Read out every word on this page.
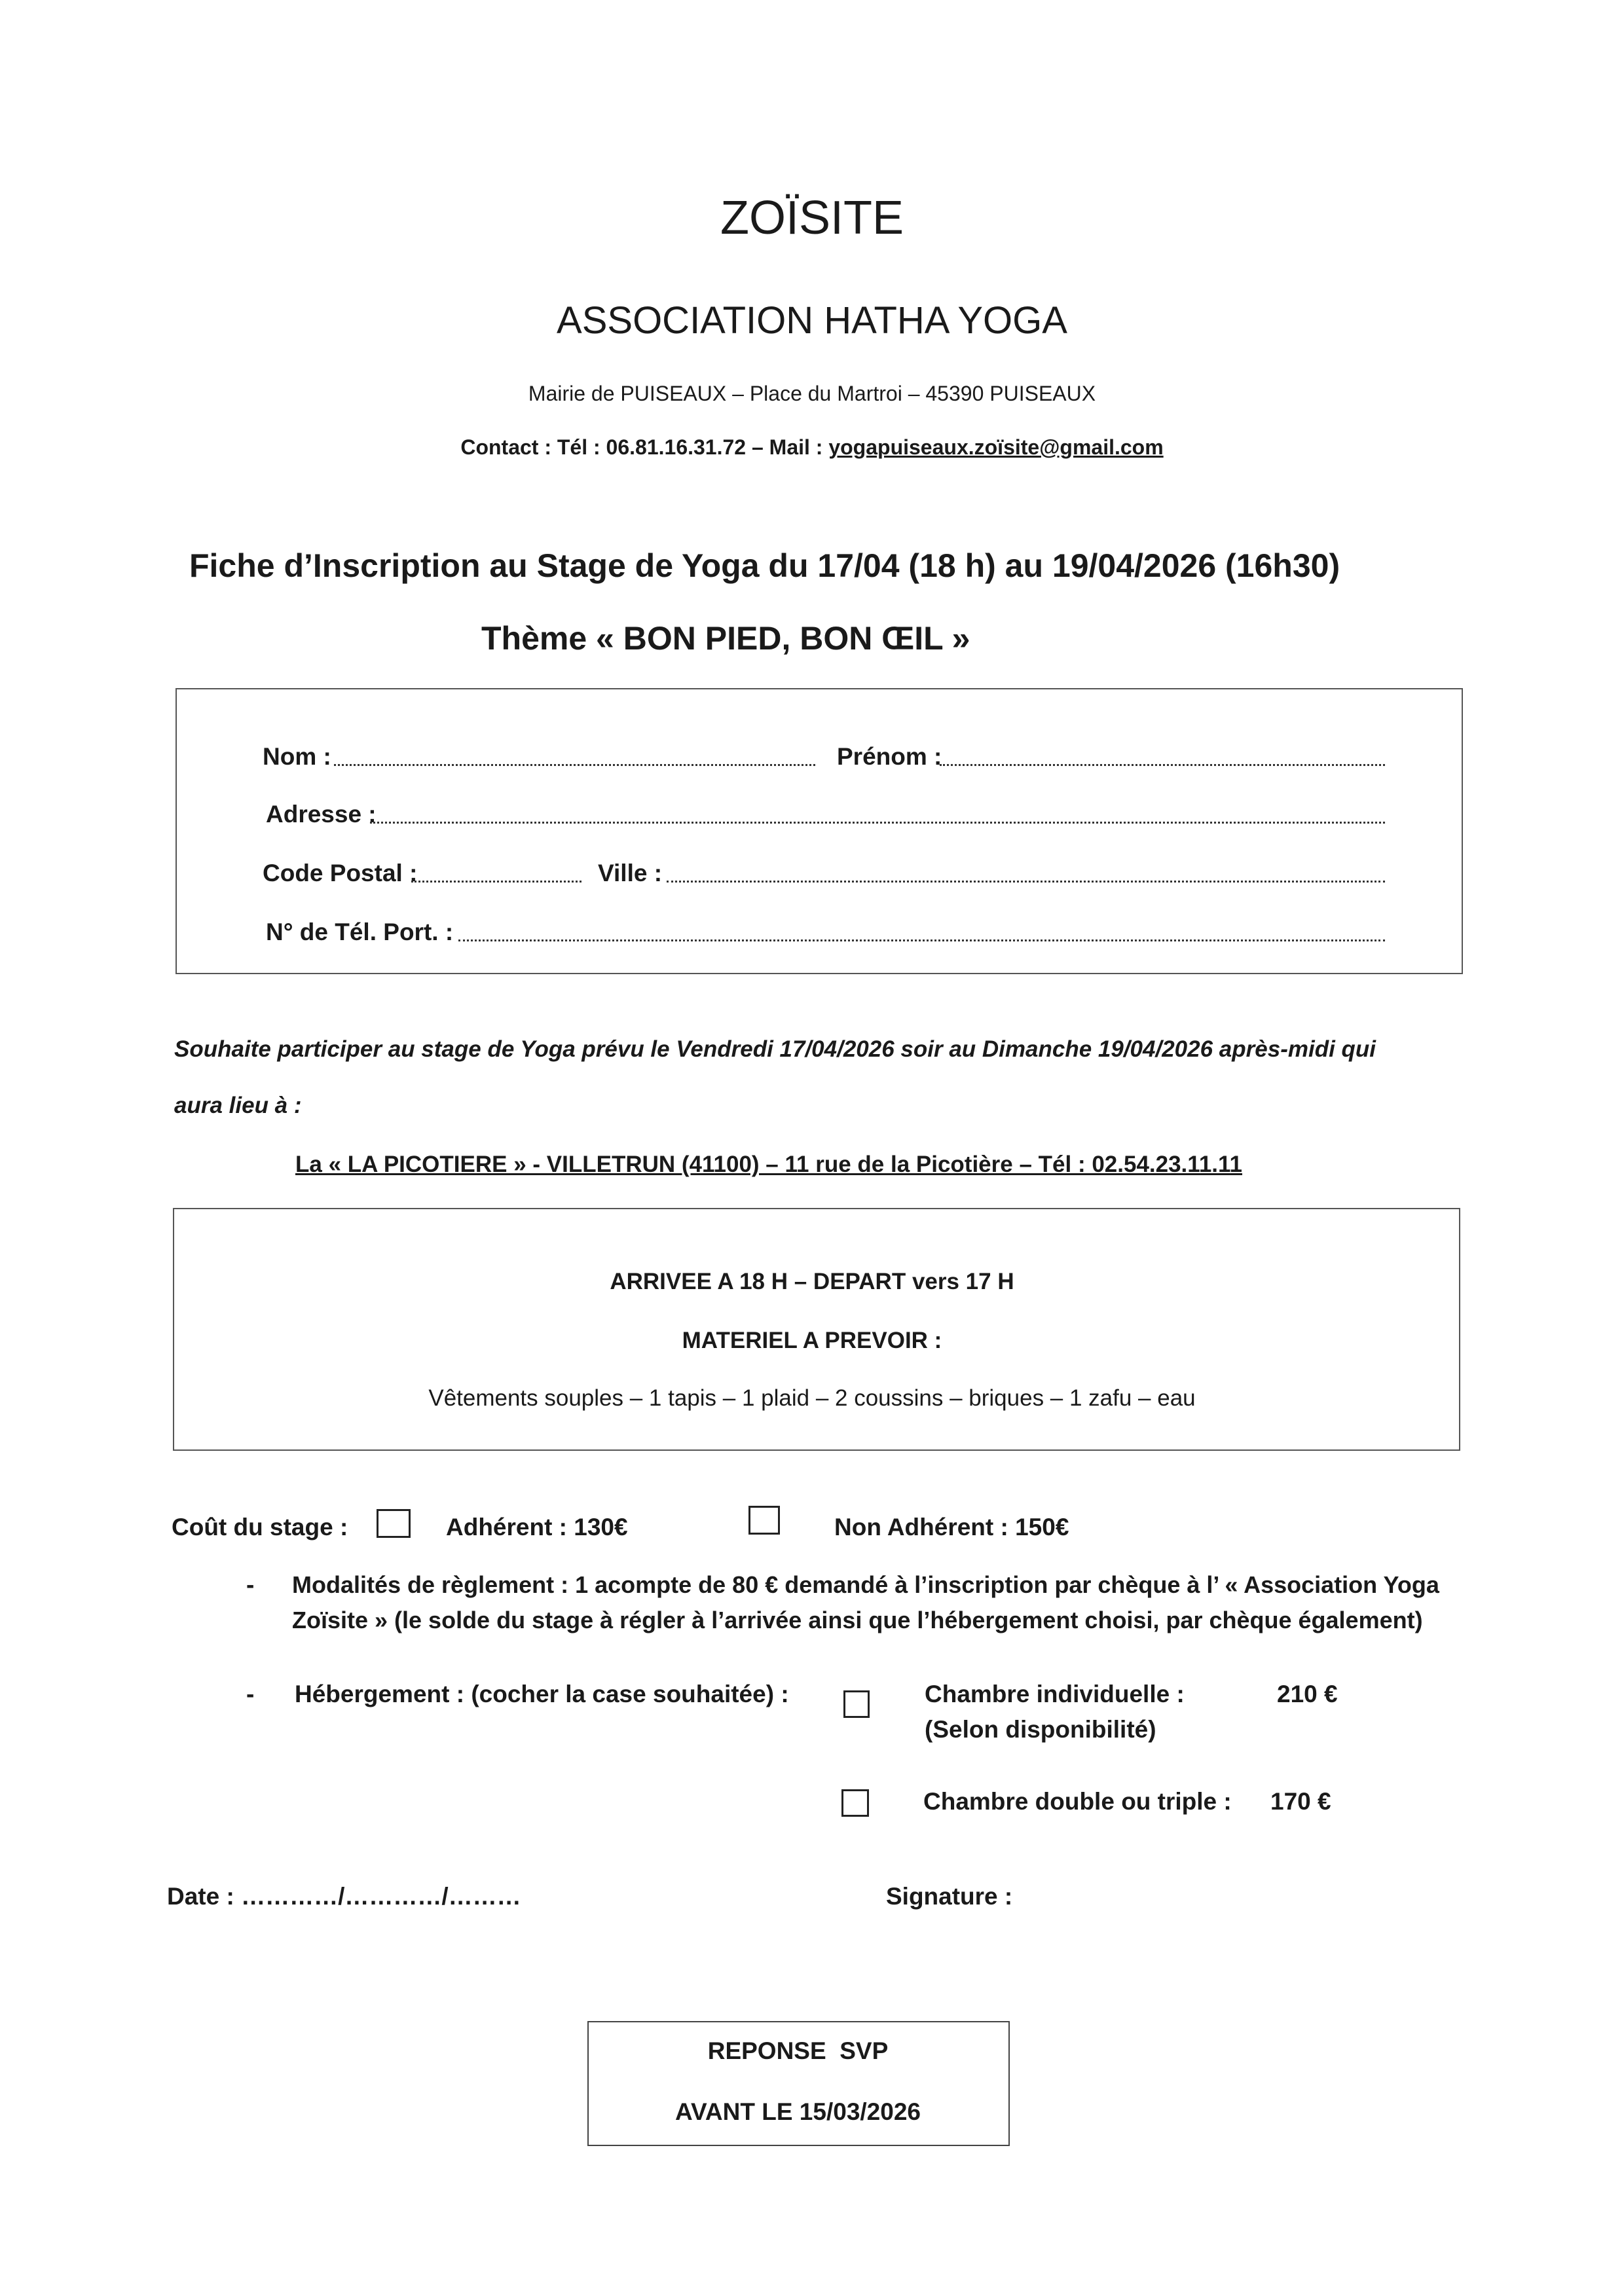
ZOÏSITE
ASSOCIATION HATHA YOGA
Mairie de PUISEAUX – Place du Martroi – 45390 PUISEAUX
Contact : Tél : 06.81.16.31.72 – Mail : yogapuiseaux.zoïsite@gmail.com
Fiche d’Inscription au Stage de Yoga du 17/04 (18 h) au 19/04/2026 (16h30)
Thème « BON PIED, BON ŒIL »
Nom :	Prénom :
Adresse :
Code Postal :	Ville :
N° de Tél. Port. :
Souhaite participer au stage de Yoga prévu le Vendredi 17/04/2026 soir au Dimanche 19/04/2026 après-midi qui
aura lieu à :
La « LA PICOTIERE » - VILLETRUN (41100) – 11 rue de la Picotière – Tél : 02.54.23.11.11
ARRIVEE A 18 H – DEPART vers 17 H
MATERIEL A PREVOIR :
Vêtements souples – 1 tapis – 1 plaid – 2 coussins – briques – 1 zafu – eau
Coût du stage :	Adhérent : 130€	Non Adhérent : 150€
- Modalités de règlement : 1 acompte de 80 € demandé à l’inscription par chèque à l’ « Association Yoga
Zoïsite » (le solde du stage à régler à l’arrivée ainsi que l’hébergement choisi, par chèque également)
- Hébergement : (cocher la case souhaitée) :	Chambre individuelle :	210 €
(Selon disponibilité)
Chambre double ou triple : 170 €
Date : …………/…………/………	Signature :
REPONSE  SVP
AVANT LE 15/03/2026
